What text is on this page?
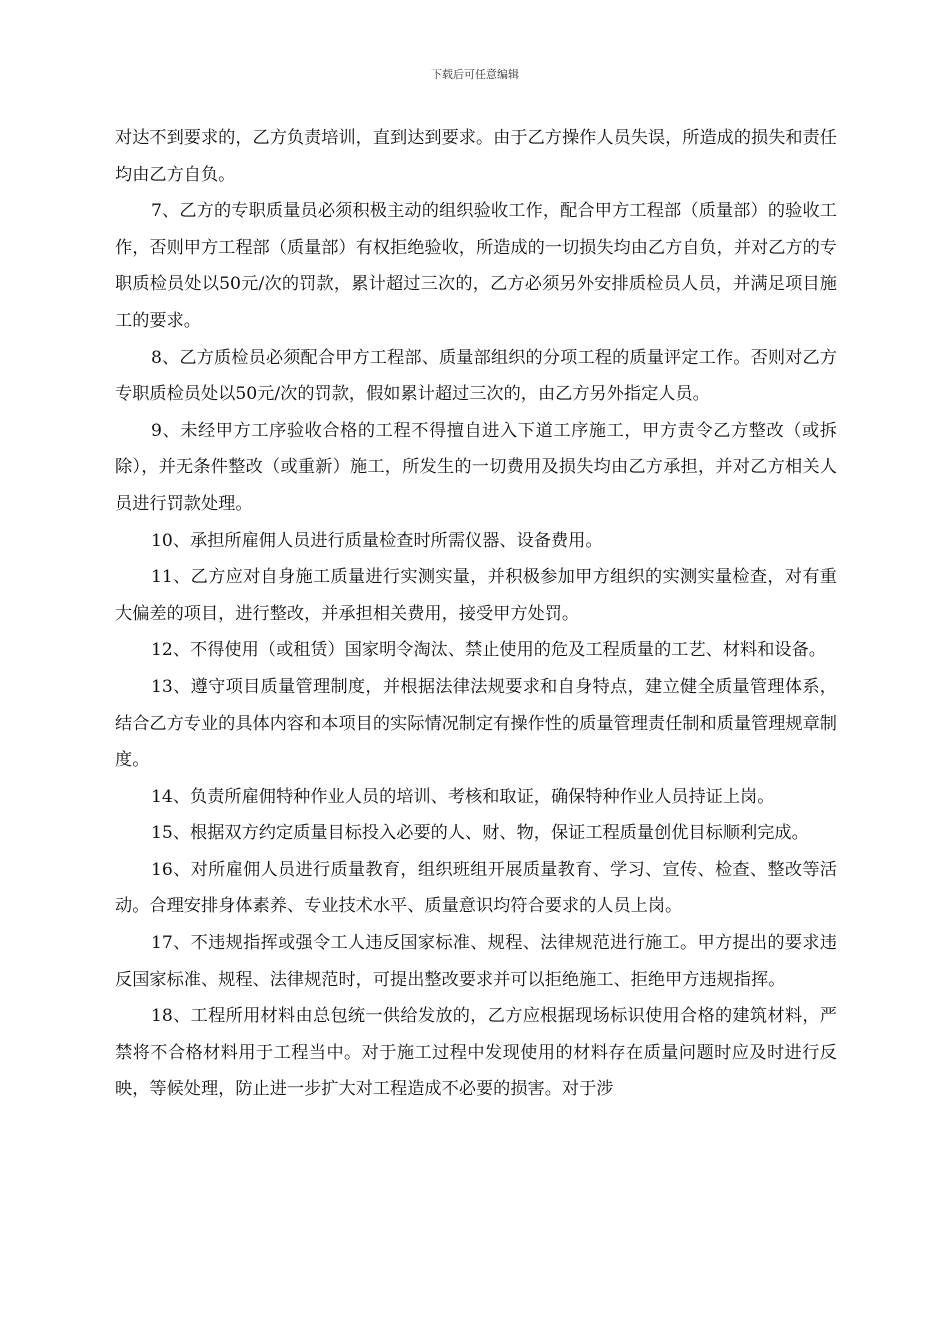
下载后可任意编辑

对达不到要求的，乙方负责培训，直到达到要求。由于乙方操作人员失误，所造成的损失和责任均由乙方自负。

7、乙方的专职质量员必须积极主动的组织验收工作，配合甲方工程部（质量部）的验收工作，否则甲方工程部（质量部）有权拒绝验收，所造成的一切损失均由乙方自负，并对乙方的专职质检员处以50元/次的罚款，累计超过三次的，乙方必须另外安排质检员人员，并满足项目施工的要求。

8、乙方质检员必须配合甲方工程部、质量部组织的分项工程的质量评定工作。否则对乙方专职质检员处以50元/次的罚款，假如累计超过三次的，由乙方另外指定人员。

9、未经甲方工序验收合格的工程不得擅自进入下道工序施工，甲方责令乙方整改（或拆除），并无条件整改（或重新）施工，所发生的一切费用及损失均由乙方承担，并对乙方相关人员进行罚款处理。

10、承担所雇佣人员进行质量检查时所需仪器、设备费用。

11、乙方应对自身施工质量进行实测实量，并积极参加甲方组织的实测实量检查，对有重大偏差的项目，进行整改，并承担相关费用，接受甲方处罚。

12、不得使用（或租赁）国家明令淘汰、禁止使用的危及工程质量的工艺、材料和设备。

13、遵守项目质量管理制度，并根据法律法规要求和自身特点，建立健全质量管理体系，结合乙方专业的具体内容和本项目的实际情况制定有操作性的质量管理责任制和质量管理规章制度。

14、负责所雇佣特种作业人员的培训、考核和取证，确保特种作业人员持证上岗。

15、根据双方约定质量目标投入必要的人、财、物，保证工程质量创优目标顺利完成。

16、对所雇佣人员进行质量教育，组织班组开展质量教育、学习、宣传、检查、整改等活动。合理安排身体素养、专业技术水平、质量意识均符合要求的人员上岗。

17、不违规指挥或强令工人违反国家标准、规程、法律规范进行施工。甲方提出的要求违反国家标准、规程、法律规范时，可提出整改要求并可以拒绝施工、拒绝甲方违规指挥。

18、工程所用材料由总包统一供给发放的，乙方应根据现场标识使用合格的建筑材料，严禁将不合格材料用于工程当中。对于施工过程中发现使用的材料存在质量问题时应及时进行反映，等候处理，防止进一步扩大对工程造成不必要的损害。对于涉
